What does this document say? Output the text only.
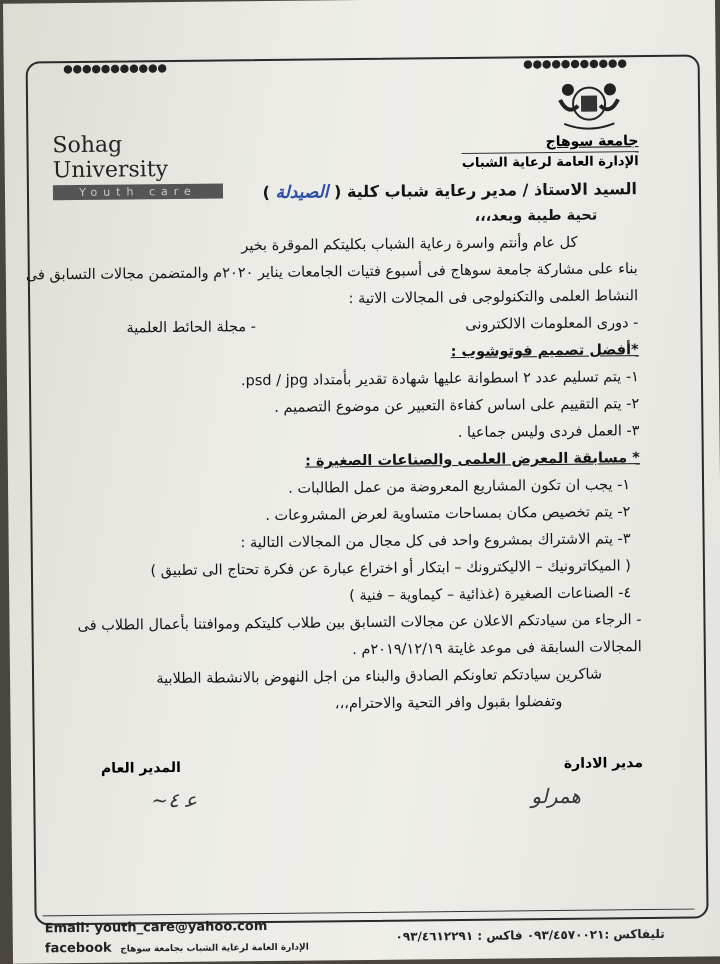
●●●●●●●●●●●	●●●●●●●●●●●
Sohag University
Youth care
جامعة سوهاج
الإدارة العامة لرعاية الشباب
السيد الاستاذ / مدير رعاية شباب كلية ( الصيدلة )
تحية طيبة وبعد،،،
كل عام وأنتم واسرة رعاية الشباب بكليتكم الموقرة بخير
بناء على مشاركة جامعة سوهاج فى أسبوع فتيات الجامعات يناير ٢٠٢٠م والمتضمن مجالات التسابق فى
النشاط العلمى والتكنولوجى فى المجالات الاتية :
- دورى المعلومات الالكترونى
- مجلة الحائط العلمية
*أفضل تصميم فوتوشوب :
١- يتم تسليم عدد ٢ اسطوانة عليها شهادة تقدير بأمتداد psd / jpg.
٢- يتم التقييم على اساس كفاءة التعبير عن موضوع التصميم .
٣- العمل فردى وليس جماعيا .
* مسابقة المعرض العلمى والصناعات الصغيرة :
١- يجب ان تكون المشاريع المعروضة من عمل الطالبات .
٢- يتم تخصيص مكان بمساحات متساوية لعرض المشروعات .
٣- يتم الاشتراك بمشروع واحد فى كل مجال من المجالات التالية :
( الميكاترونيك – الاليكترونك – ابتكار أو اختراع عبارة عن فكرة تحتاج الى تطبيق )
٤- الصناعات الصغيرة (غذائية – كيماوية – فنية )
- الرجاء من سيادتكم الاعلان عن مجالات التسابق بين طلاب كليتكم وموافتنا بأعمال الطلاب فى
المجالات السابقة فى موعد غايتة ٢٠١٩/١٢/١٩م .
شاكرين سيادتكم تعاونكم الصادق والبناء من اجل النهوض بالانشطة الطلابية
وتفضلوا بقبول وافر التحية والاحترام،،،
مدير الادارة
المدير العام
ﻫﻤﺮﻟﻮ
~ﻋ ٤
Email: youth_care@yahoo.com
facebook الإدارة العامة لرعاية الشباب بجامعة سوهاج
تليفاكس :٠٩٣/٤٥٧٠٠٢١ فاكس : ٠٩٣/٤٦١٢٢٩١
